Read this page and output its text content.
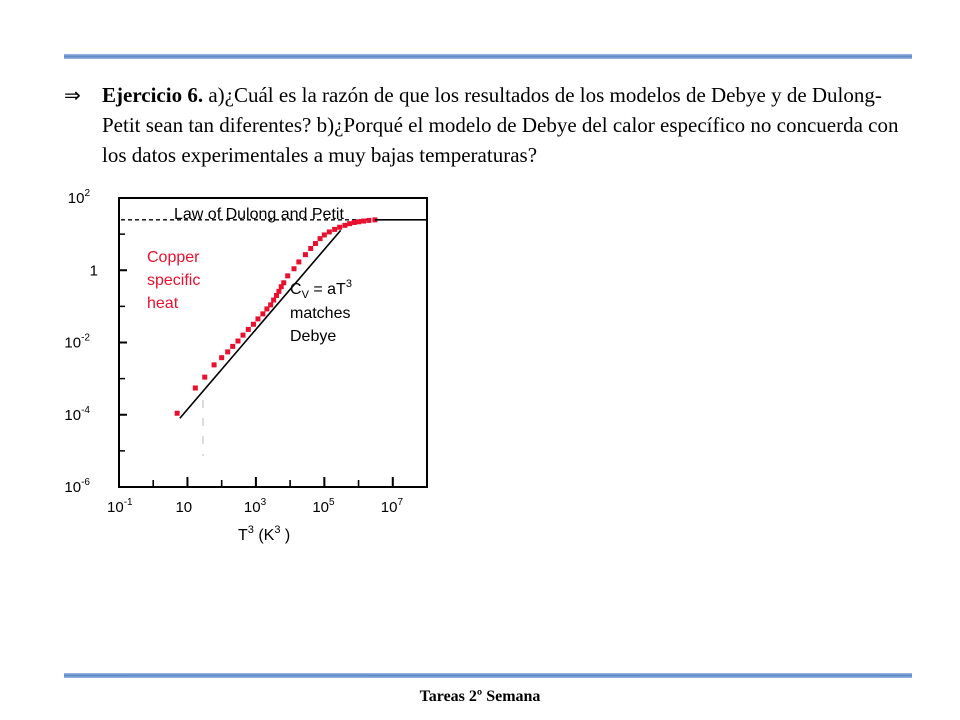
⇒ Ejercicio 6. a)¿Cuál es la razón de que los resultados de los modelos de Debye y de Dulong- Petit sean tan diferentes? b)¿Porqué el modelo de Debye del calor específico no concuerda con los datos experimentales a muy bajas temperaturas?
$10^2$
1
$10^{-2}$
$10^{-4}$
$10^{-6}$
$10^{-1}$	10	$10^3$	$10^5$	$10^7$
Law of Dulong and Petit
Copper
specific
heat
$C_V = aT^3$
matches
Debye
$T^3$ ($K^3$ )
Tareas 2º Semana
